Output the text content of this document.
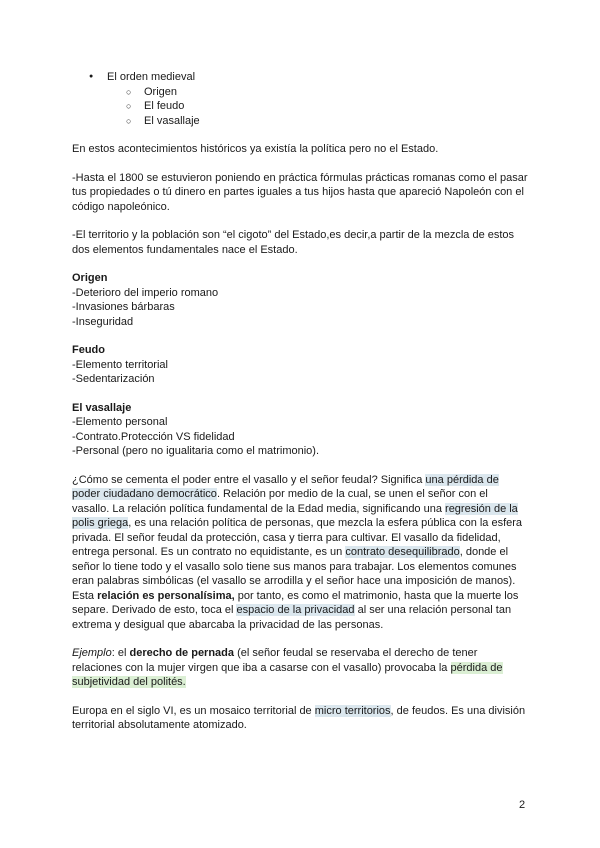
● El orden medieval
○ Origen
○ El feudo
○ El vasallaje

En estos acontecimientos históricos ya existía la política pero no el Estado.

-Hasta el 1800 se estuvieron poniendo en práctica fórmulas prácticas romanas como el pasar tus propiedades o tú dinero en partes iguales a tus hijos hasta que apareció Napoleón con el código napoleónico.

-El territorio y la población son “el cigoto” del Estado,es decir,a partir de la mezcla de estos dos elementos fundamentales nace el Estado.

Origen

-Deterioro del imperio romano

-Invasiones bárbaras

-Inseguridad

Feudo

-Elemento territorial

-Sedentarización

El vasallaje

-Elemento personal

-Contrato.Protección VS fidelidad

-Personal (pero no igualitaria como el matrimonio).

¿Cómo se cementa el poder entre el vasallo y el señor feudal? Significa una pérdida de poder ciudadano democrático. Relación por medio de la cual, se unen el señor con el vasallo. La relación política fundamental de la Edad media, significando una regresión de la polis griega, es una relación política de personas, que mezcla la esfera pública con la esfera privada. El señor feudal da protección, casa y tierra para cultivar. El vasallo da fidelidad, entrega personal. Es un contrato no equidistante, es un contrato desequilibrado, donde el señor lo tiene todo y el vasallo solo tiene sus manos para trabajar. Los elementos comunes eran palabras simbólicas (el vasallo se arrodilla y el señor hace una imposición de manos). Esta relación es personalísima, por tanto, es como el matrimonio, hasta que la muerte los separe. Derivado de esto, toca el espacio de la privacidad al ser una relación personal tan extrema y desigual que abarcaba la privacidad de las personas.

Ejemplo: el derecho de pernada (el señor feudal se reservaba el derecho de tener relaciones con la mujer virgen que iba a casarse con el vasallo) provocaba la pérdida de subjetividad del polités.

Europa en el siglo VI, es un mosaico territorial de micro territorios, de feudos. Es una división territorial absolutamente atomizado.

2
